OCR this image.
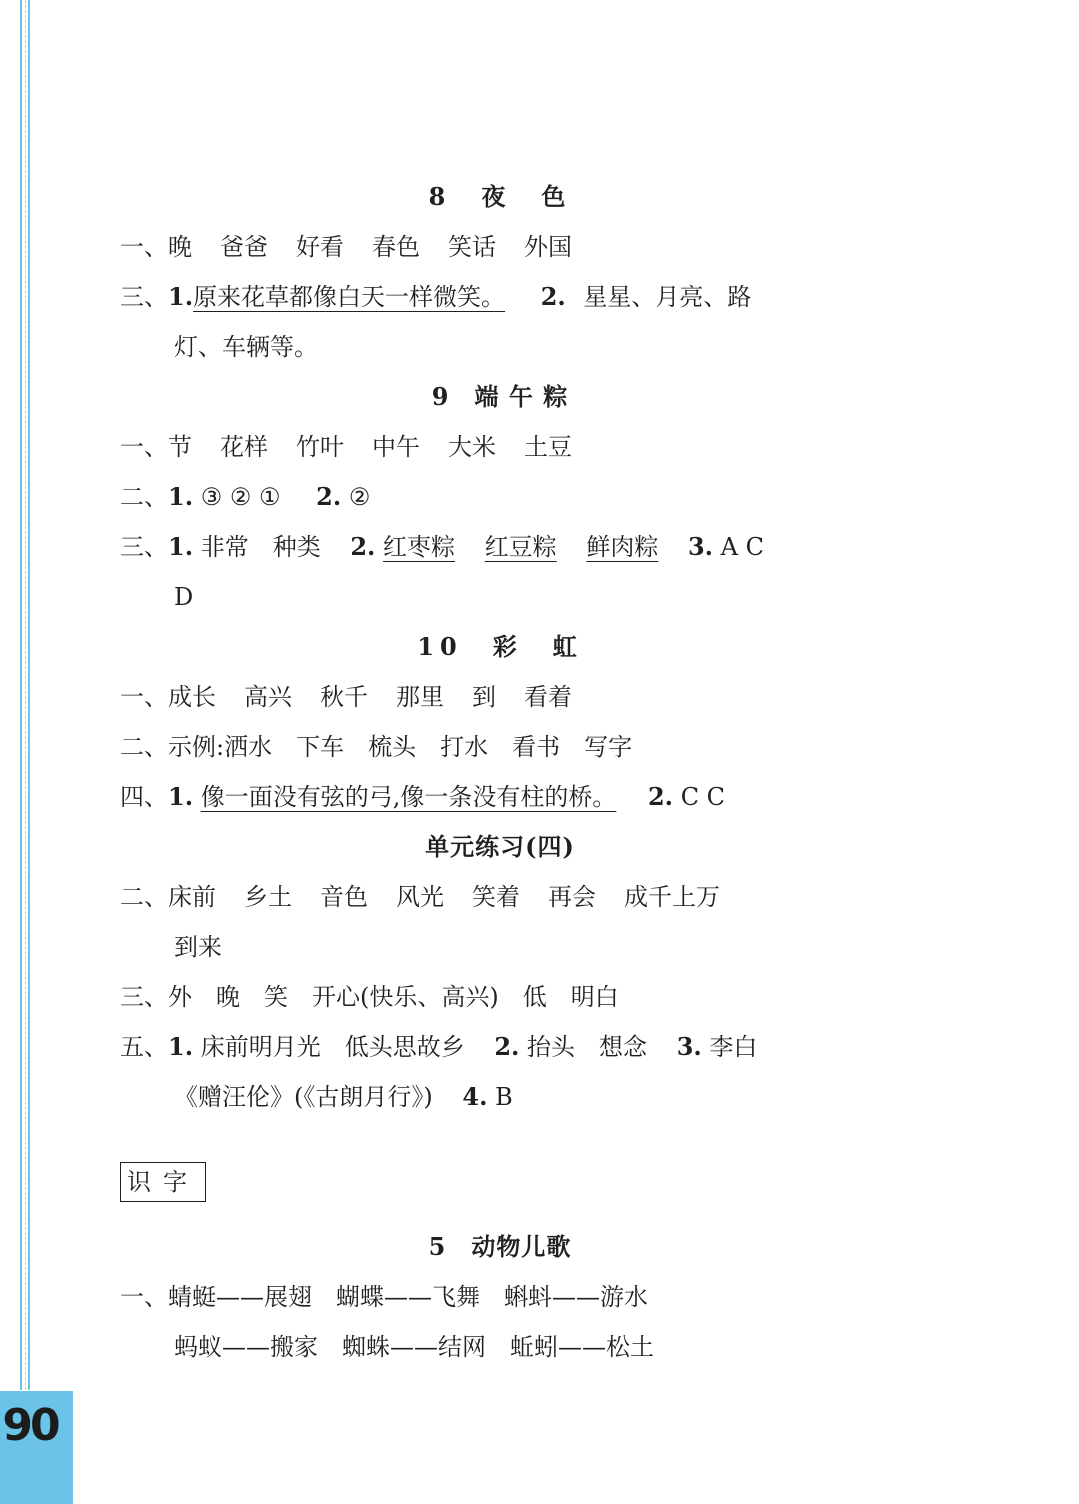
90
8　夜　色
一、晚 爸爸 好看 春色 笑话 外国
三、1.原来花草都像白天一样微笑。 2. 星星、月亮、路
灯、车辆等。
9　端 午 粽
一、节 花样 竹叶 中午 大米 土豆
二、1. ③ ② ① 2. ②
三、1. 非常　种类 2. 红枣粽 红豆粽 鲜肉粽 3. A C
D
10　彩　虹
一、成长 高兴 秋千 那里 到 看着
二、示例:洒水　下车　梳头　打水　看书　写字
四、1. 像一面没有弦的弓,像一条没有柱的桥。 2. C C
单元练习(四)
二、床前 乡土 音色 风光 笑着 再会 成千上万
到来
三、外　晚　笑　开心(快乐、高兴)　低　明白
五、1. 床前明月光　低头思故乡 2. 抬头　想念 3. 李白
《赠汪伦》(《古朗月行》) 4. B
识字
5　动物儿歌
一、蜻蜓——展翅　蝴蝶——飞舞　蝌蚪——游水
蚂蚁——搬家　蜘蛛——结网　蚯蚓——松土
